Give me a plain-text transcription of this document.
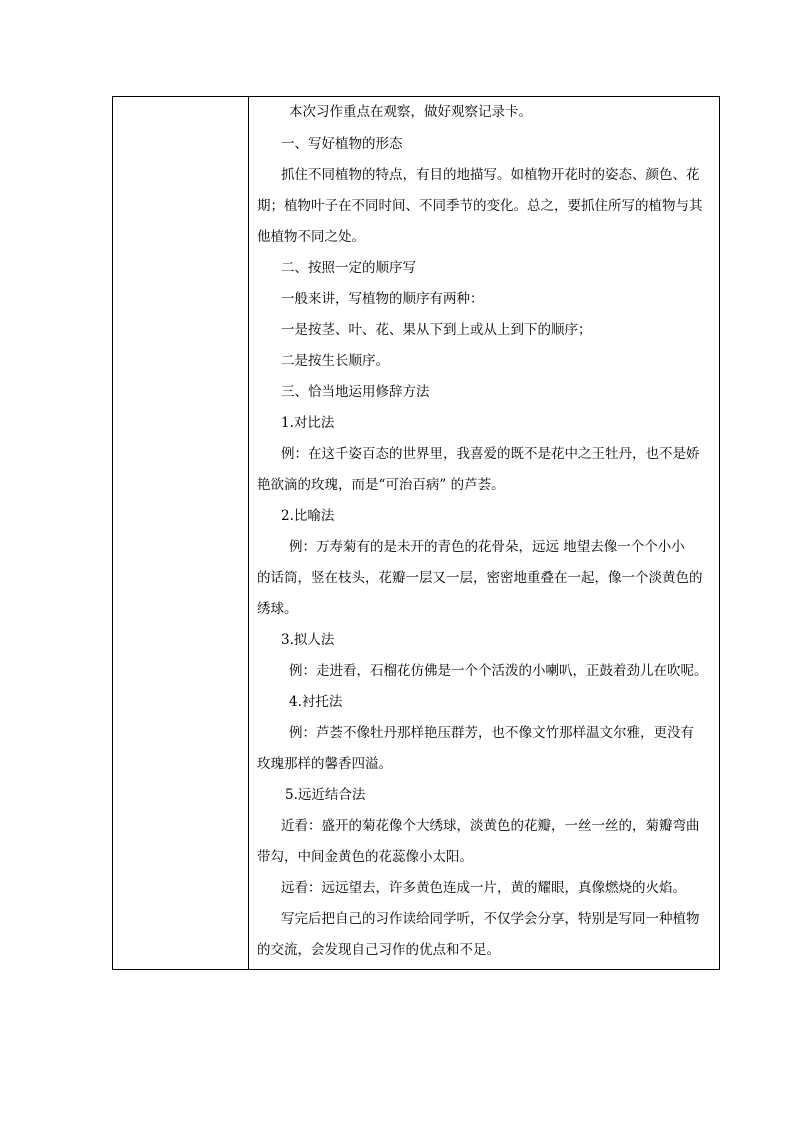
本次习作重点在观察，做好观察记录卡。
一、写好植物的形态
抓住不同植物的特点，有目的地描写。如植物开花时的姿态、颜色、花
期；植物叶子在不同时间、不同季节的变化。总之，要抓住所写的植物与其
他植物不同之处。
二、按照一定的顺序写
一般来讲，写植物的顺序有两种：
一是按茎、叶、花、果从下到上或从上到下的顺序；
二是按生长顺序。
三、恰当地运用修辞方法
1.对比法
例：在这千姿百态的世界里，我喜爱的既不是花中之王牡丹，也不是娇
艳欲滴的玫瑰，而是“可治百病” 的芦荟。
2.比喻法
例：万寿菊有的是未开的青色的花骨朵，远远 地望去像一个个小小
的话筒，竖在枝头，花瓣一层又一层，密密地重叠在一起，像一个淡黄色的
绣球。
3.拟人法
例：走进看，石榴花仿佛是一个个活泼的小喇叭，正鼓着劲儿在吹呢。
4.衬托法
例：芦荟不像牡丹那样艳压群芳，也不像文竹那样温文尔雅，更没有
玫瑰那样的馨香四溢。
5.远近结合法
近看：盛开的菊花像个大绣球，淡黄色的花瓣，一丝一丝的，菊瓣弯曲
带勾，中间金黄色的花蕊像小太阳。
远看：远远望去，许多黄色连成一片，黄的耀眼，真像燃烧的火焰。
写完后把自己的习作读给同学听，不仅学会分享，特别是写同一种植物
的交流，会发现自己习作的优点和不足。
